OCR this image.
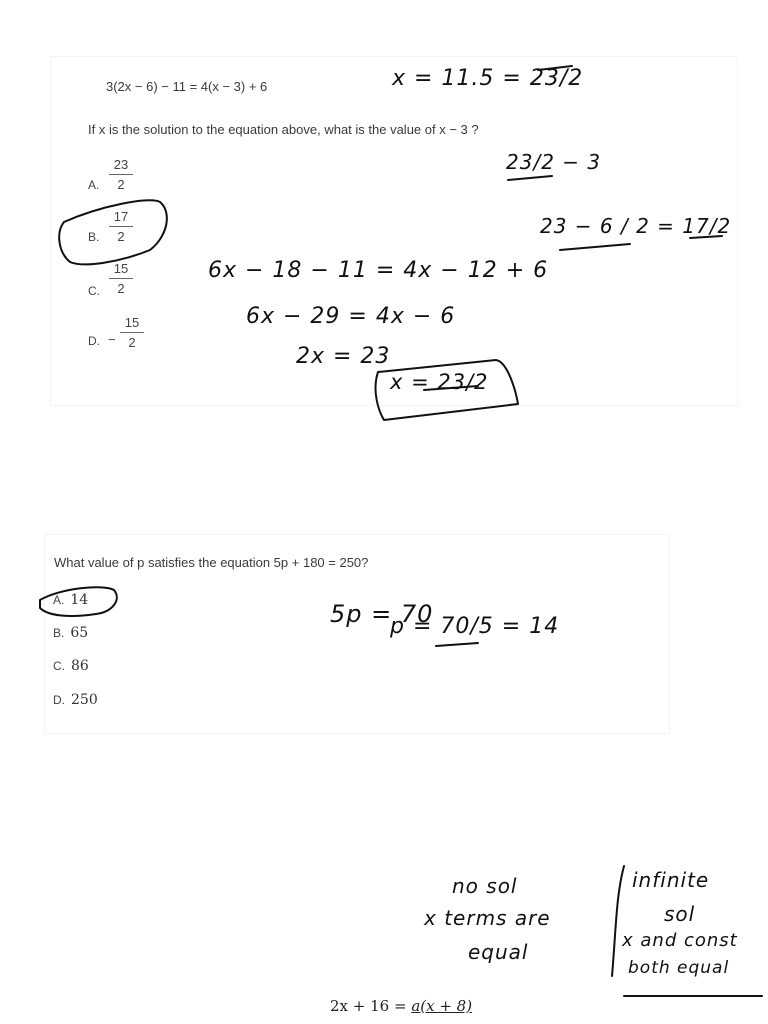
3(2x − 6) − 11 = 4(x − 3) + 6
If x is the solution to the equation above, what is the value of x − 3 ?
A.
23
2
B.
17
2
C.
15
2
D. −
15
2
What value of p satisfies the equation 5p + 180 = 250?
A. 14
B. 65
C. 86
D. 250
x = 11.5 = 23/2
23/2 − 3
23 − 6 / 2 = 17/2
6x − 18 − 11 = 4x − 12 + 6
6x − 29 = 4x − 6
2x = 23
x = 23/2
5p = 70
p = 70/5 = 14
no sol
x terms are
equal
infinite
sol
x and const
both equal
2x + 16 = a(x + 8)
